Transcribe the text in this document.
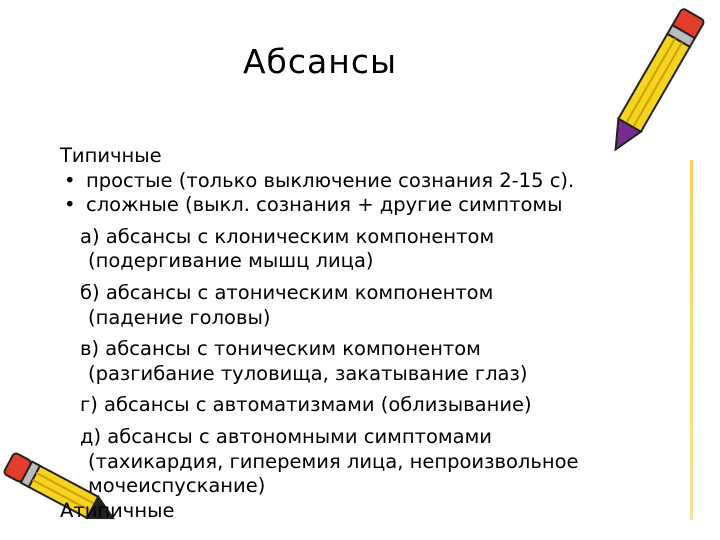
Абсансы
Типичные
• простые (только выключение сознания 2-15 с).
• сложные (выкл. сознания + другие симптомы
а) абсансы с клоническим компонентом
(подергивание мышц лица)
б) абсансы с атоническим компонентом
(падение головы)
в) абсансы с тоническим компонентом
(разгибание туловища, закатывание глаз)
г) абсансы с автоматизмами (облизывание)
д) абсансы с автономными симптомами
(тахикардия, гиперемия лица, непроизвольное
мочеиспускание)
Атипичные
